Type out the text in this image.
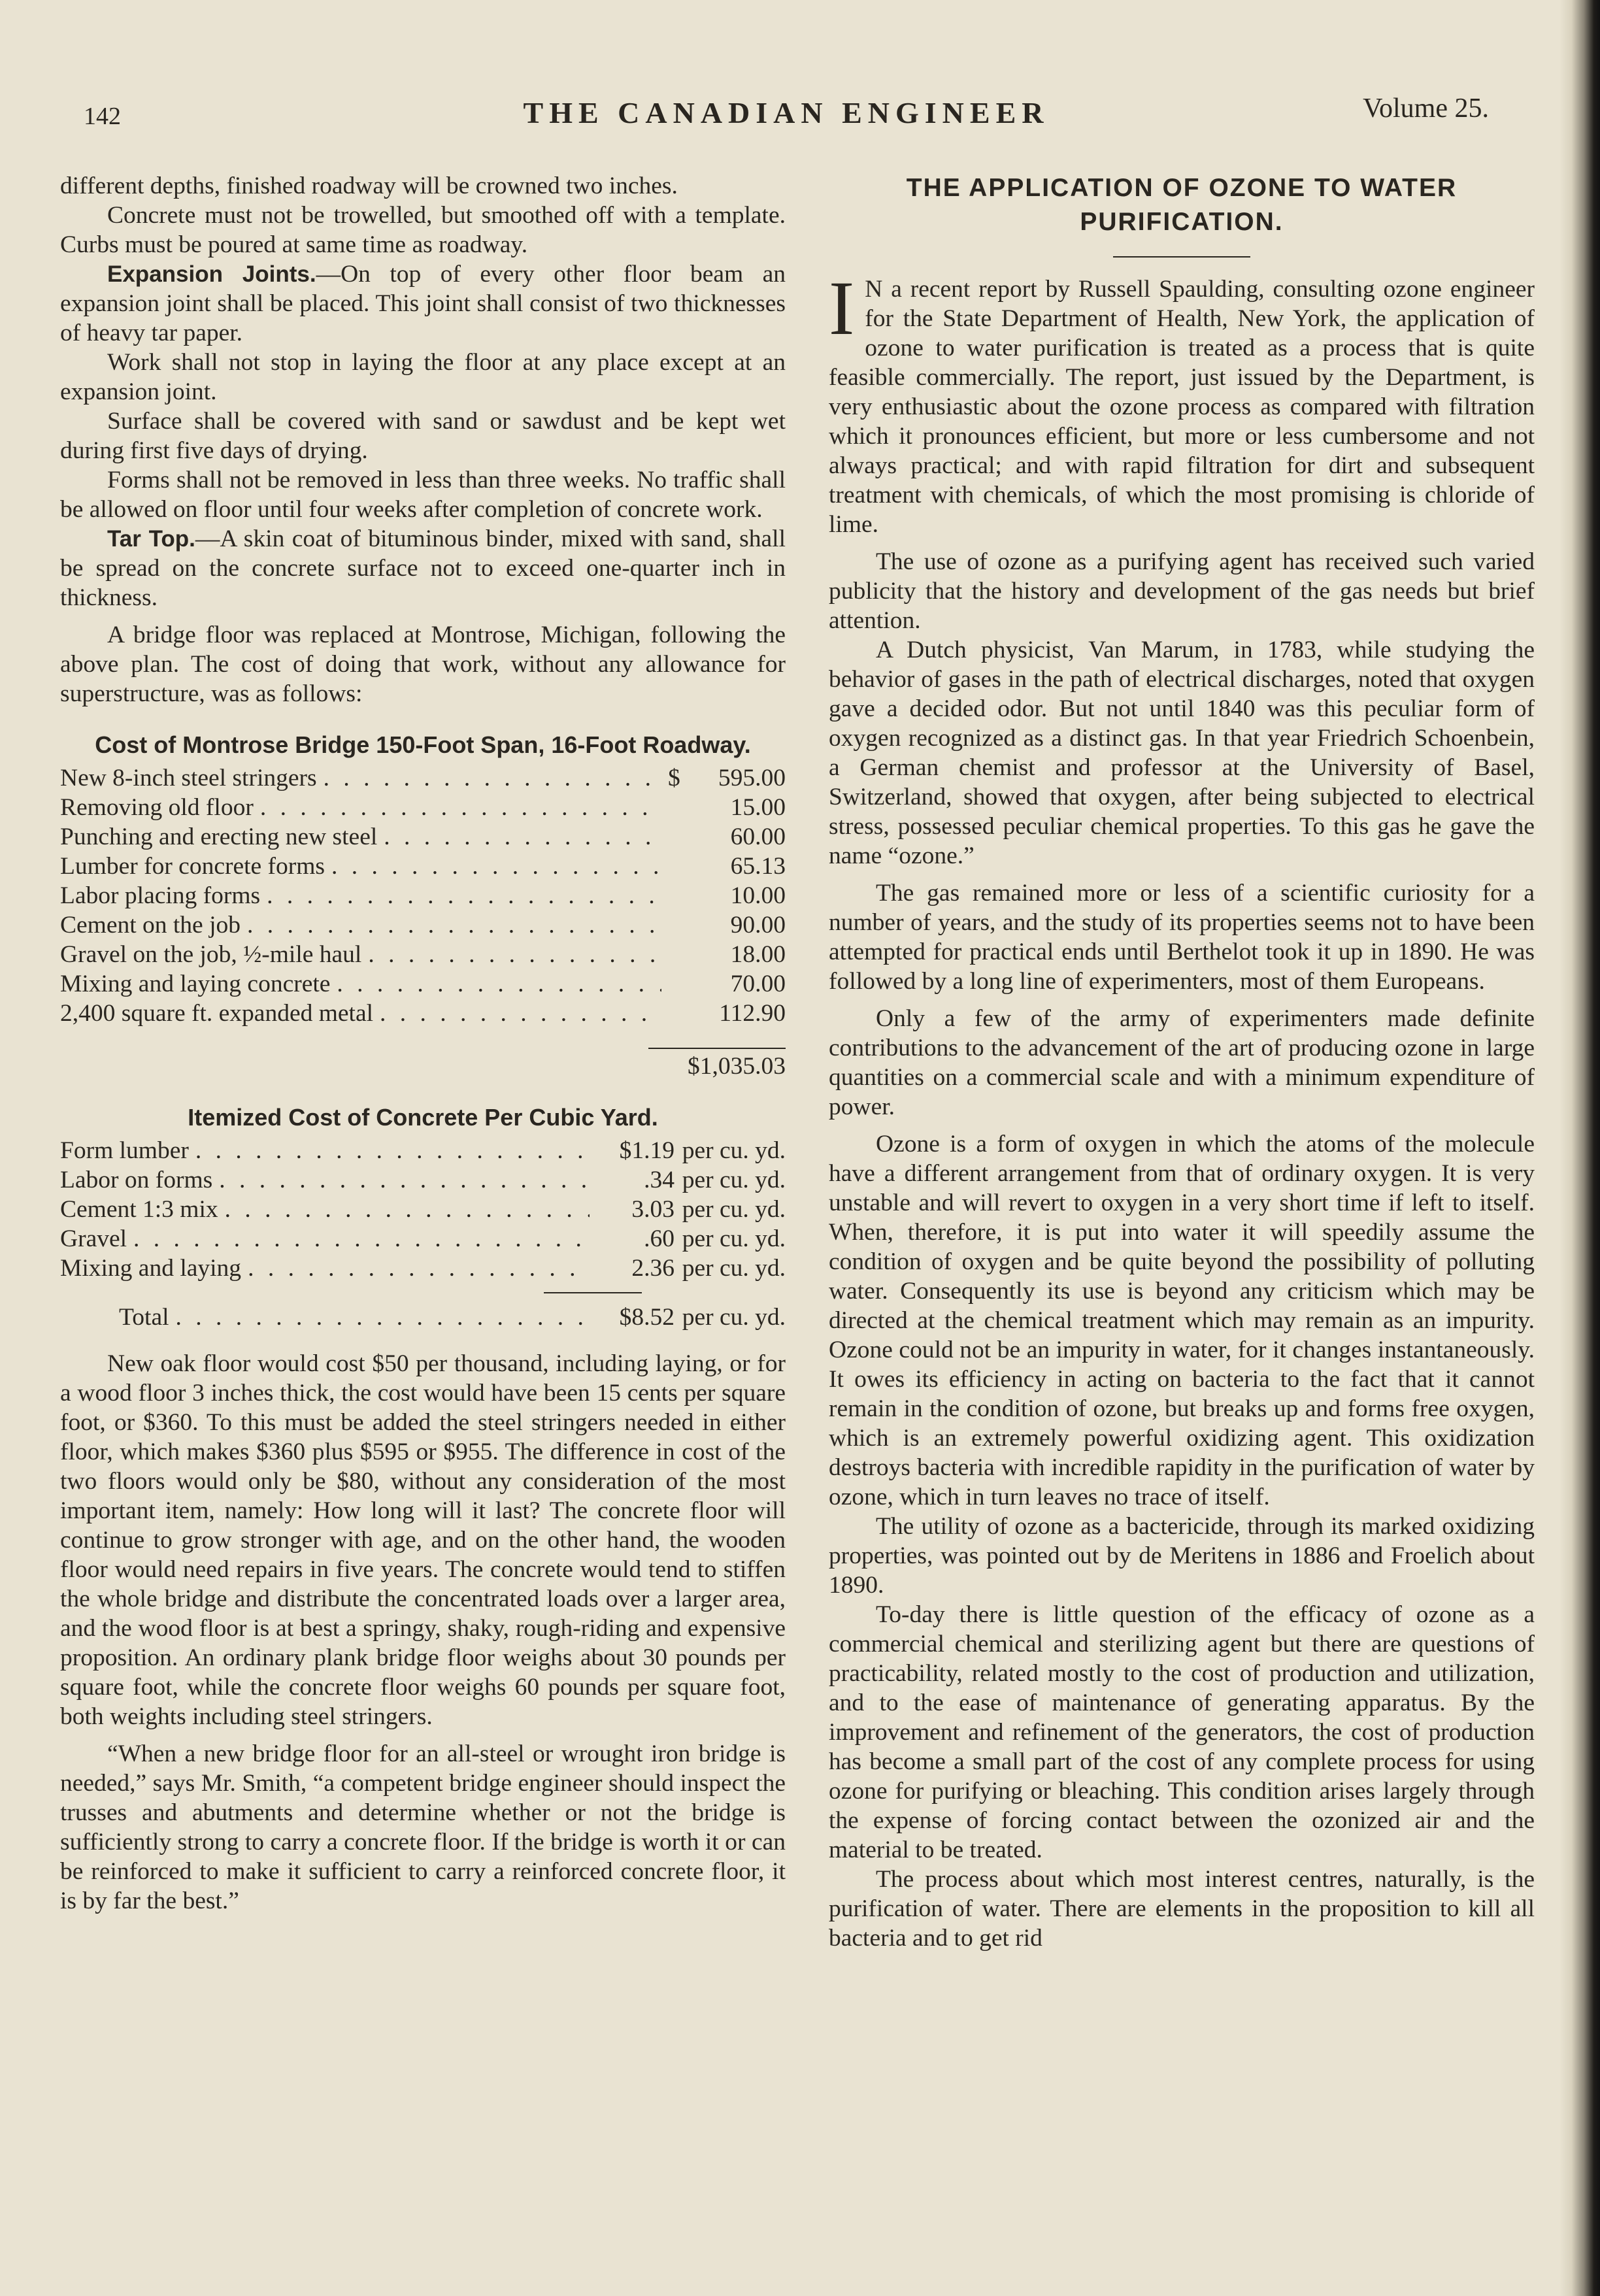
142	THE CANADIAN ENGINEER	Volume 25.

different depths, finished roadway will be crowned two inches.

Concrete must not be trowelled, but smoothed off with a template. Curbs must be poured at same time as roadway.

Expansion Joints.—On top of every other floor beam an expansion joint shall be placed. This joint shall consist of two thicknesses of heavy tar paper.

Work shall not stop in laying the floor at any place except at an expansion joint.

Surface shall be covered with sand or sawdust and be kept wet during first five days of drying.

Forms shall not be removed in less than three weeks. No traffic shall be allowed on floor until four weeks after completion of concrete work.

Tar Top.—A skin coat of bituminous binder, mixed with sand, shall be spread on the concrete surface not to exceed one-quarter inch in thickness.

A bridge floor was replaced at Montrose, Michigan, following the above plan. The cost of doing that work, without any allowance for superstructure, was as follows:

Cost of Montrose Bridge 150-Foot Span, 16-Foot Roadway.
New 8-inch steel stringers . . .	$	595.00
Removing old floor . . .	15.00
Punching and erecting new steel . . .	60.00
Lumber for concrete forms . . .	65.13
Labor placing forms . . .	10.00
Cement on the job . . .	90.00
Gravel on the job, ½-mile haul . . .	18.00
Mixing and laying concrete . . .	70.00
2,400 square ft. expanded metal . . .	112.90
$1,035.03
Itemized Cost of Concrete Per Cubic Yard.
Form lumber . . .	$1.19 per cu. yd.
Labor on forms . . .	.34 per cu. yd.
Cement 1:3 mix . . .	3.03 per cu. yd.
Gravel . . .	.60 per cu. yd.
Mixing and laying . . .	2.36 per cu. yd.
Total . . .	$8.52 per cu. yd.

New oak floor would cost $50 per thousand, including laying, or for a wood floor 3 inches thick, the cost would have been 15 cents per square foot, or $360. To this must be added the steel stringers needed in either floor, which makes $360 plus $595 or $955. The difference in cost of the two floors would only be $80, without any consideration of the most important item, namely: How long will it last? The concrete floor will continue to grow stronger with age, and on the other hand, the wooden floor would need repairs in five years. The concrete would tend to stiffen the whole bridge and distribute the concentrated loads over a larger area, and the wood floor is at best a springy, shaky, rough-riding and expensive proposition. An ordinary plank bridge floor weighs about 30 pounds per square foot, while the concrete floor weighs 60 pounds per square foot, both weights including steel stringers.

“When a new bridge floor for an all-steel or wrought iron bridge is needed,” says Mr. Smith, “a competent bridge engineer should inspect the trusses and abutments and determine whether or not the bridge is sufficiently strong to carry a concrete floor. If the bridge is worth it or can be reinforced to make it sufficient to carry a reinforced concrete floor, it is by far the best.”

THE APPLICATION OF OZONE TO WATER PURIFICATION.

I N a recent report by Russell Spaulding, consulting ozone engineer for the State Department of Health, New York, the application of ozone to water purification is treated as a process that is quite feasible commercially. The report, just issued by the Department, is very enthusiastic about the ozone process as compared with filtration which it pronounces efficient, but more or less cumbersome and not always practical; and with rapid filtration for dirt and subsequent treatment with chemicals, of which the most promising is chloride of lime.

The use of ozone as a purifying agent has received such varied publicity that the history and development of the gas needs but brief attention.

A Dutch physicist, Van Marum, in 1783, while studying the behavior of gases in the path of electrical discharges, noted that oxygen gave a decided odor. But not until 1840 was this peculiar form of oxygen recognized as a distinct gas. In that year Friedrich Schoenbein, a German chemist and professor at the University of Basel, Switzerland, showed that oxygen, after being subjected to electrical stress, possessed peculiar chemical properties. To this gas he gave the name “ozone.”

The gas remained more or less of a scientific curiosity for a number of years, and the study of its properties seems not to have been attempted for practical ends until Berthelot took it up in 1890. He was followed by a long line of experimenters, most of them Europeans.

Only a few of the army of experimenters made definite contributions to the advancement of the art of producing ozone in large quantities on a commercial scale and with a minimum expenditure of power.

Ozone is a form of oxygen in which the atoms of the molecule have a different arrangement from that of ordinary oxygen. It is very unstable and will revert to oxygen in a very short time if left to itself. When, therefore, it is put into water it will speedily assume the condition of oxygen and be quite beyond the possibility of polluting water. Consequently its use is beyond any criticism which may be directed at the chemical treatment which may remain as an impurity. Ozone could not be an impurity in water, for it changes instantaneously. It owes its efficiency in acting on bacteria to the fact that it cannot remain in the condition of ozone, but breaks up and forms free oxygen, which is an extremely powerful oxidizing agent. This oxidization destroys bacteria with incredible rapidity in the purification of water by ozone, which in turn leaves no trace of itself.

The utility of ozone as a bactericide, through its marked oxidizing properties, was pointed out by de Meritens in 1886 and Froelich about 1890.

To-day there is little question of the efficacy of ozone as a commercial chemical and sterilizing agent but there are questions of practicability, related mostly to the cost of production and utilization, and to the ease of maintenance of generating apparatus. By the improvement and refinement of the generators, the cost of production has become a small part of the cost of any complete process for using ozone for purifying or bleaching. This condition arises largely through the expense of forcing contact between the ozonized air and the material to be treated.

The process about which most interest centres, naturally, is the purification of water. There are elements in the proposition to kill all bacteria and to get rid
